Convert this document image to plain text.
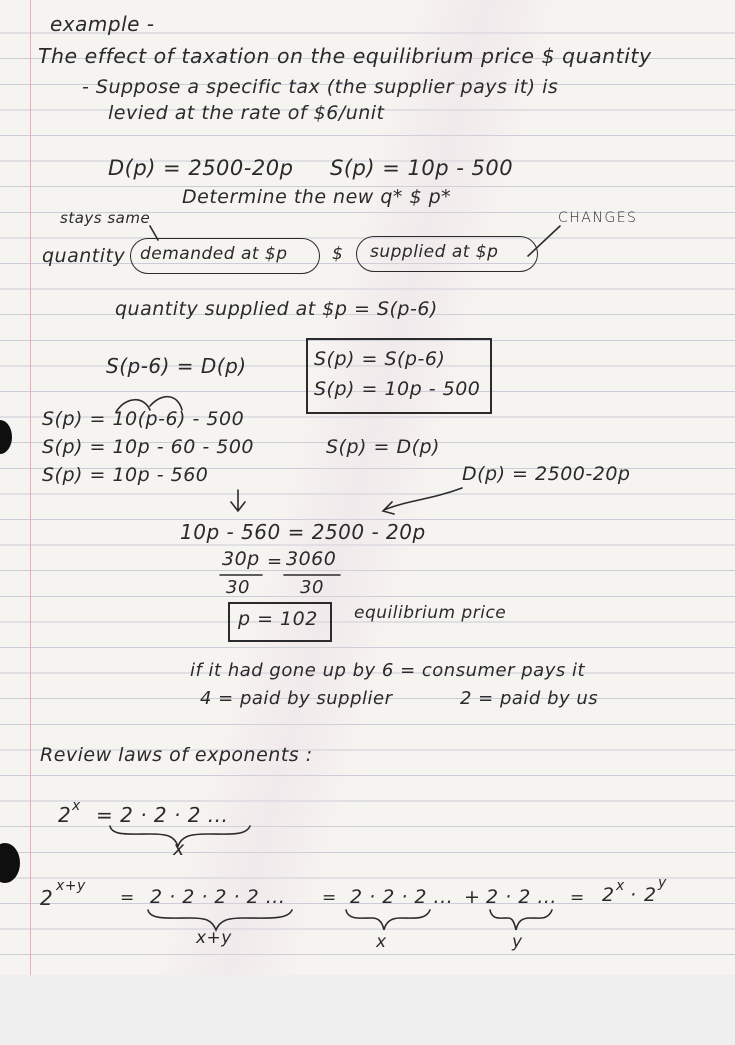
example -

The effect of taxation on the equilibrium price $ quantity

- Suppose a specific tax (the supplier pays it) is

levied at the rate of $6/unit

D(p) = 2500-20p S(p) = 10p - 500

Determine the new q* $ p*

stays same	CHANGES

quantity demanded at $p	$ supplied at $p

quantity supplied at $p = S(p-6)

S(p-6) = D(p)	S(p) = S(p-6)

S(p) = 10p - 500

S(p) = 10(p-6) - 500

S(p) = 10p - 60 - 500

S(p) = 10p - 560

S(p) = D(p)

D(p) = 2500-20p

10p - 560 = 2500 - 20p

30p

30

= 3060

30

p = 102 equilibrium price

if it had gone up by 6 = consumer pays it

4 = paid by supplier	2 = paid by us

Review laws of exponents :

2 x = 2 · 2 · 2 ...

x

2 x+y

= 2 · 2 · 2 · 2 ... = 2 · 2 · 2 ... + 2 · 2 ... = 2 x · 2

y

x+y	x	y
